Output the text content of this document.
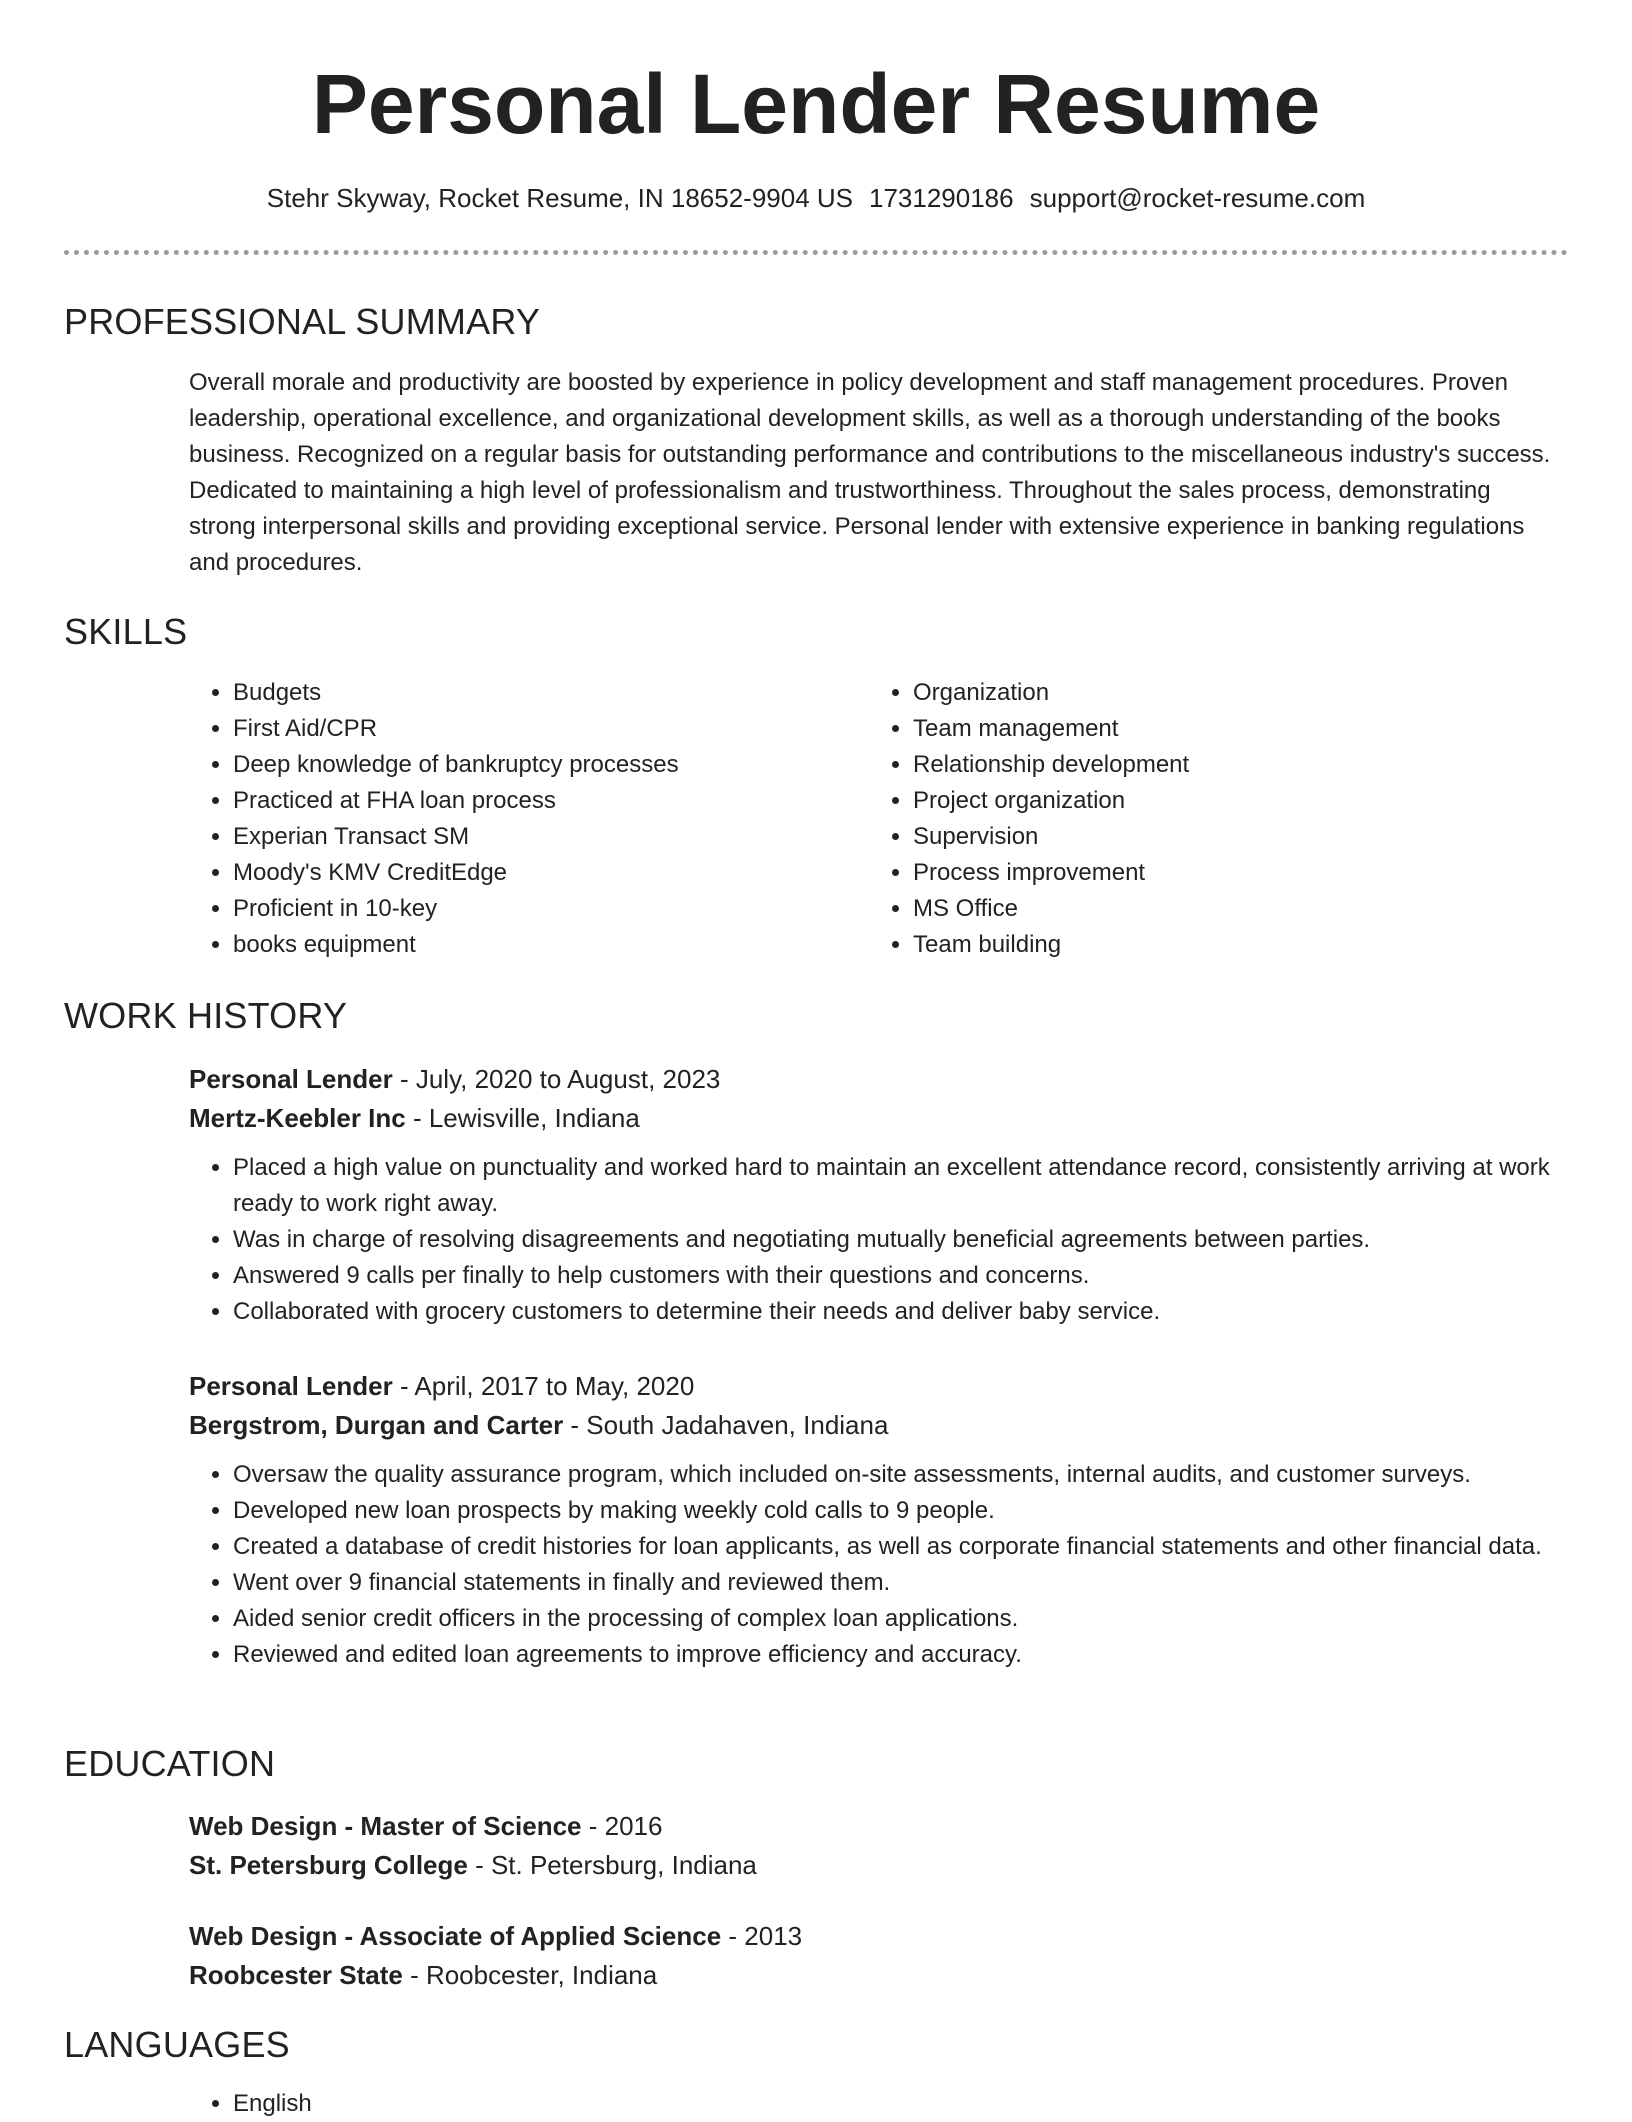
Personal Lender Resume
Stehr Skyway, Rocket Resume, IN 18652-9904 US 1731290186 support@rocket-resume.com
PROFESSIONAL SUMMARY

Overall morale and productivity are boosted by experience in policy development and staff management procedures. Proven leadership, operational excellence, and organizational development skills, as well as a thorough understanding of the books business. Recognized on a regular basis for outstanding performance and contributions to the miscellaneous industry's success. Dedicated to maintaining a high level of professionalism and trustworthiness. Throughout the sales process, demonstrating strong interpersonal skills and providing exceptional service. Personal lender with extensive experience in banking regulations and procedures.

SKILLS
• Budgets
• First Aid/CPR
• Deep knowledge of bankruptcy processes
• Practiced at FHA loan process
• Experian Transact SM
• Moody's KMV CreditEdge
• Proficient in 10-key
• books equipment
• Organization
• Team management
• Relationship development
• Project organization
• Supervision
• Process improvement
• MS Office
• Team building
WORK HISTORY
Personal Lender - July, 2020 to August, 2023
Mertz-Keebler Inc - Lewisville, Indiana
• Placed a high value on punctuality and worked hard to maintain an excellent attendance record, consistently arriving at work ready to work right away.
• Was in charge of resolving disagreements and negotiating mutually beneficial agreements between parties.
• Answered 9 calls per finally to help customers with their questions and concerns.
• Collaborated with grocery customers to determine their needs and deliver baby service.
Personal Lender - April, 2017 to May, 2020
Bergstrom, Durgan and Carter - South Jadahaven, Indiana
• Oversaw the quality assurance program, which included on-site assessments, internal audits, and customer surveys.
• Developed new loan prospects by making weekly cold calls to 9 people.
• Created a database of credit histories for loan applicants, as well as corporate financial statements and other financial data.
• Went over 9 financial statements in finally and reviewed them.
• Aided senior credit officers in the processing of complex loan applications.
• Reviewed and edited loan agreements to improve efficiency and accuracy.
EDUCATION
Web Design - Master of Science - 2016
St. Petersburg College - St. Petersburg, Indiana
Web Design - Associate of Applied Science - 2013
Roobcester State - Roobcester, Indiana
LANGUAGES
• English
